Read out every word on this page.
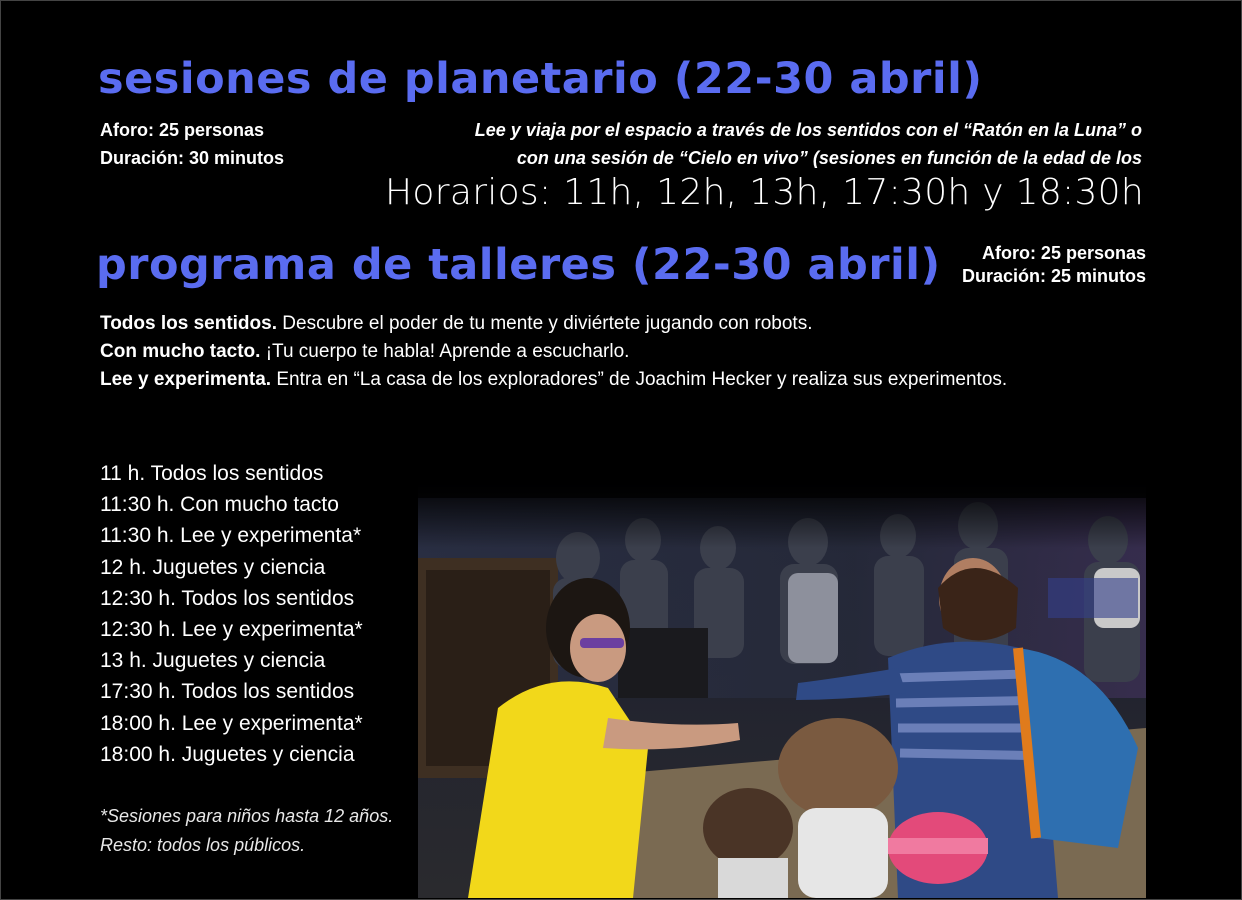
sesiones de planetario (22-30 abril)
Aforo: 25 personas
Duración: 30 minutos
Lee y viaja por el espacio a través de los sentidos con el “Ratón en la Luna” o
con una sesión de “Cielo en vivo” (sesiones en función de la edad de los
Horarios: 11h, 12h, 13h, 17:30h y 18:30h
programa de talleres (22-30 abril)	Aforo: 25 personas
Duración: 25 minutos
Todos los sentidos. Descubre el poder de tu mente y diviértete jugando con robots.
Con mucho tacto. ¡Tu cuerpo te habla! Aprende a escucharlo.
Lee y experimenta. Entra en “La casa de los exploradores” de Joachim Hecker y realiza sus experimentos.
11 h. Todos los sentidos
11:30 h. Con mucho tacto
11:30 h. Lee y experimenta*
12 h. Juguetes y ciencia
12:30 h. Todos los sentidos
12:30 h. Lee y experimenta*
13 h. Juguetes y ciencia
17:30 h. Todos los sentidos
18:00 h. Lee y experimenta*
18:00 h. Juguetes y ciencia
*Sesiones para niños hasta 12 años.
Resto: todos los públicos.
